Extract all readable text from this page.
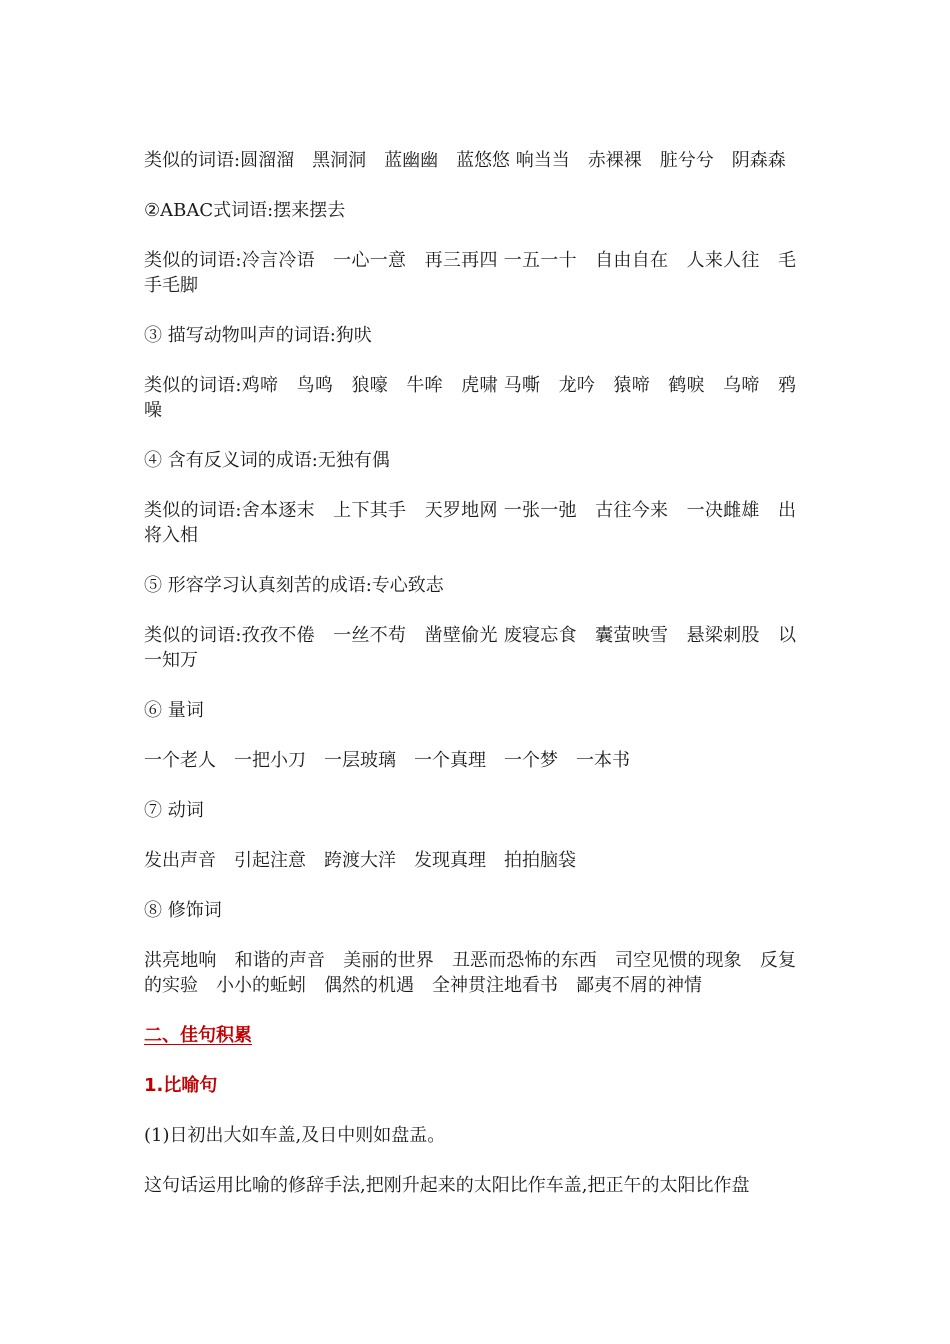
类似的词语:圆溜溜　黑洞洞　蓝幽幽　蓝悠悠 响当当　赤裸裸　脏兮兮　阴森森

②ABAC式词语:摆来摆去

类似的词语:冷言冷语　一心一意　再三再四 一五一十　自由自在　人来人往　毛手毛脚

③ 描写动物叫声的词语:狗吠

类似的词语:鸡啼　鸟鸣　狼嚎　牛哞　虎啸 马嘶　龙吟　猿啼　鹤唳　乌啼　鸦噪

④ 含有反义词的成语:无独有偶

类似的词语:舍本逐末　上下其手　天罗地网 一张一弛　古往今来　一决雌雄　出将入相

⑤ 形容学习认真刻苦的成语:专心致志

类似的词语:孜孜不倦　一丝不苟　凿壁偷光 废寝忘食　囊萤映雪　悬梁刺股　以一知万

⑥ 量词

一个老人　一把小刀　一层玻璃　一个真理　一个梦　一本书

⑦ 动词

发出声音　引起注意　跨渡大洋　发现真理　拍拍脑袋

⑧ 修饰词

洪亮地响　和谐的声音　美丽的世界　丑恶而恐怖的东西　司空见惯的现象　反复的实验　小小的蚯蚓　偶然的机遇　全神贯注地看书　鄙夷不屑的神情

二、佳句积累

1.比喻句

(1)日初出大如车盖,及日中则如盘盂。

这句话运用比喻的修辞手法,把刚升起来的太阳比作车盖,把正午的太阳比作盘
